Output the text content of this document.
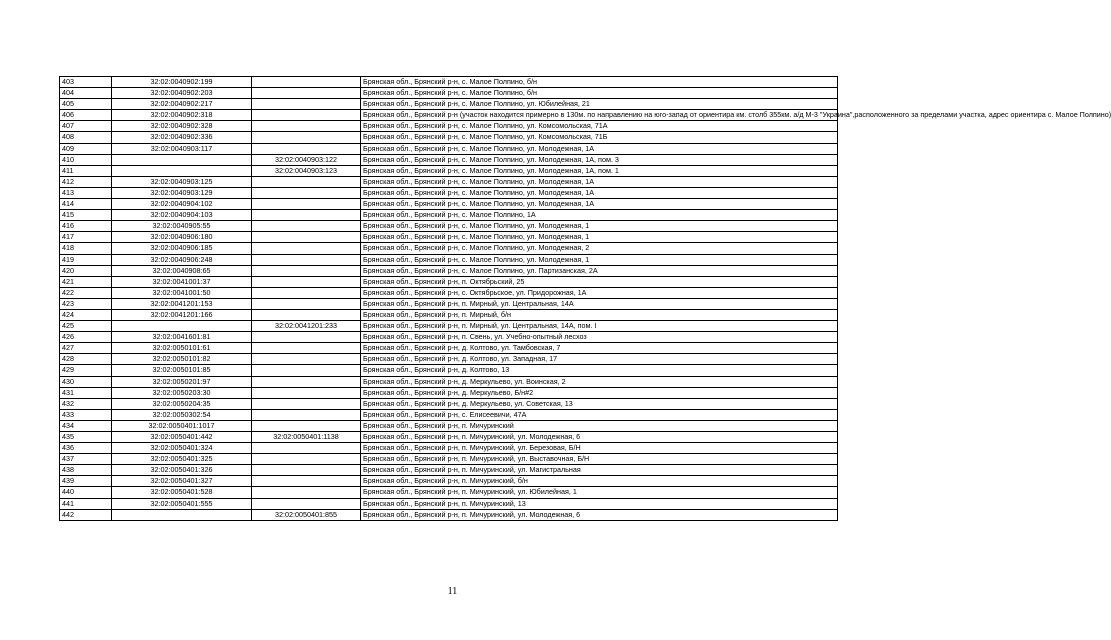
403	32:02:0040902:199		Брянская обл., Брянский р-н, с. Малое Полпино, б/н
404	32:02:0040902:203		Брянская обл., Брянский р-н, с. Малое Полпино, б/н
405	32:02:0040902:217		Брянская обл., Брянский р-н, с. Малое Полпино, ул. Юбилейная, 21
406	32:02:0040902:318		Брянская обл., Брянский р-н (участок находится примерно в 130м. по направлению на юго-запад от ориентира км. столб 355км. а/д М-3 "Украина",расположенного за пределами участка, адрес ориентира с. Малое Полпино)
407	32:02:0040902:328		Брянская обл., Брянский р-н, с. Малое Полпино, ул. Комсомольская, 71А
408	32:02:0040902:336		Брянская обл., Брянский р-н, с. Малое Полпино, ул. Комсомольская, 71Б
409	32:02:0040903:117		Брянская обл., Брянский р-н, с. Малое Полпино, ул. Молодежная, 1А
410		32:02:0040903:122	Брянская обл., Брянский р-н, с. Малое Полпино, ул. Молодежная, 1А, пом. 3
411		32:02:0040903:123	Брянская обл., Брянский р-н, с. Малое Полпино, ул. Молодежная, 1А, пом. 1
412	32:02:0040903:125		Брянская обл., Брянский р-н, с. Малое Полпино, ул. Молодежная, 1А
413	32:02:0040903:129		Брянская обл., Брянский р-н, с. Малое Полпино, ул. Молодежная, 1А
414	32:02:0040904:102		Брянская обл., Брянский р-н, с. Малое Полпино, ул. Молодежная, 1А
415	32:02:0040904:103		Брянская обл., Брянский р-н, с. Малое Полпино, 1А
416	32:02:0040905:55		Брянская обл., Брянский р-н, с. Малое Полпино, ул. Молодежная, 1
417	32:02:0040906:180		Брянская обл., Брянский р-н, с. Малое Полпино, ул. Молодежная, 1
418	32:02:0040906:185		Брянская обл., Брянский р-н, с. Малое Полпино, ул. Молодежная, 2
419	32:02:0040906:248		Брянская обл., Брянский р-н, с. Малое Полпино, ул. Молодежная, 1
420	32:02:0040908:65		Брянская обл., Брянский р-н, с. Малое Полпино, ул. Партизанская, 2А
421	32:02:0041001:37		Брянская обл., Брянский р-н, п. Октябрьский, 25
422	32:02:0041001:50		Брянская обл., Брянский р-н, с. Октябрьское, ул. Придорожная, 1А
423	32:02:0041201:153		Брянская обл., Брянский р-н, п. Мирный, ул. Центральная, 14А
424	32:02:0041201:166		Брянская обл., Брянский р-н, п. Мирный, б/н
425		32:02:0041201:233	Брянская обл., Брянский р-н, п. Мирный, ул. Центральная, 14А, пом. I
426	32:02:0041601:81		Брянская обл., Брянский р-н, п. Свень, ул. Учебно-опытный лесхоз
427	32:02:0050101:61		Брянская обл., Брянский р-н, д. Колтово, ул. Тамбовская, 7
428	32:02:0050101:82		Брянская обл., Брянский р-н, д. Колтово, ул. Западная, 17
429	32:02:0050101:85		Брянская обл., Брянский р-н, д. Колтово, 13
430	32:02:0050201:97		Брянская обл., Брянский р-н, д. Меркульево, ул. Воинская, 2
431	32:02:0050203:30		Брянская обл., Брянский р-н, д. Меркульево, Б/н#2
432	32:02:0050204:35		Брянская обл., Брянский р-н, д. Меркульево, ул. Советская, 13
433	32:02:0050302:54		Брянская обл., Брянский р-н, с. Елисеевичи, 47А
434	32:02:0050401:1017		Брянская обл., Брянский р-н, п. Мичуринский
435	32:02:0050401:442	32:02:0050401:1138	Брянская обл., Брянский р-н, п. Мичуринский, ул. Молодежная, 6
436	32:02:0050401:324		Брянская обл., Брянский р-н, п. Мичуринский, ул. Березовая, Б/Н
437	32:02:0050401:325		Брянская обл., Брянский р-н, п. Мичуринский, ул. Выставочная, Б/Н
438	32:02:0050401:326		Брянская обл., Брянский р-н, п. Мичуринский, ул. Магистральная
439	32:02:0050401:327		Брянская обл., Брянский р-н, п. Мичуринский, б/н
440	32:02:0050401:528		Брянская обл., Брянский р-н, п. Мичуринский, ул. Юбилейная, 1
441	32:02:0050401:555		Брянская обл., Брянский р-н, п. Мичуринский, 13
442		32:02:0050401:855	Брянская обл., Брянский р-н, п. Мичуринский, ул. Молодежная, 6
11
